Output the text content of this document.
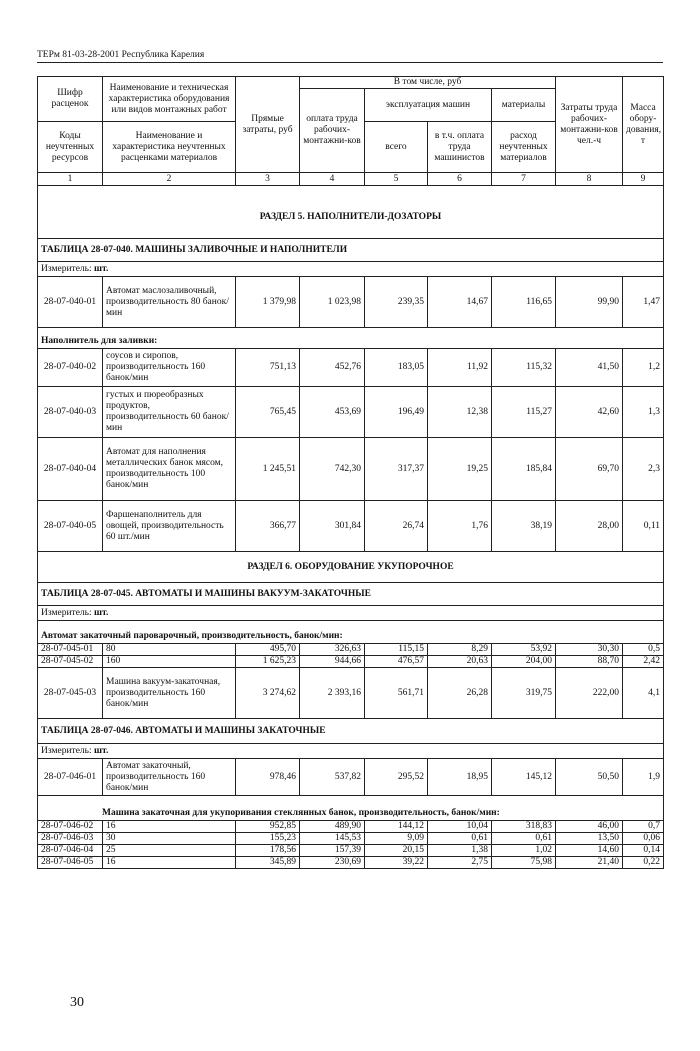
ТЕРм 81-03-28-2001 Республика Карелия
Шифр расценок	Наименование и техническая характеристика оборудования или видов монтажных работ	Прямые затраты, руб	В том числе, руб				Затраты труда рабочих-монтажни-ков чел.-ч	Масса обору-дования, т
			оплата труда рабочих-монтажни-ков	эксплуатация машин		материалы		
Коды неучтенных ресурсов	Наименование и характеристика неучтенных расценками материалов			всего	в т.ч. оплата труда машинистов	расход неучтенных материалов		

1	2	3	4	5	6	7	8	9
РАЗДЕЛ 5. НАПОЛНИТЕЛИ-ДОЗАТОРЫ								
ТАБЛИЦА 28-07-040. МАШИНЫ ЗАЛИВОЧНЫЕ И НАПОЛНИТЕЛИ								
Измеритель: шт.								
28-07-040-01	Автомат маслозаливочный, производительность 80 банок/мин	1 379,98	1 023,98	239,35	14,67	116,65	99,90	1,47
Наполнитель для заливки:								
28-07-040-02	соусов и сиропов, производительность 160 банок/мин	751,13	452,76	183,05	11,92	115,32	41,50	1,2
28-07-040-03	густых и пюреобразных продуктов, производительность 60 банок/мин	765,45	453,69	196,49	12,38	115,27	42,60	1,3
28-07-040-04	Автомат для наполнения металлических банок мясом, производительность 100 банок/мин	1 245,51	742,30	317,37	19,25	185,84	69,70	2,3
28-07-040-05	Фаршенаполнитель для овощей, производительность 60 шт./мин	366,77	301,84	26,74	1,76	38,19	28,00	0,11
РАЗДЕЛ 6. ОБОРУДОВАНИЕ УКУПОРОЧНОЕ								
ТАБЛИЦА 28-07-045. АВТОМАТЫ И МАШИНЫ ВАКУУМ-ЗАКАТОЧНЫЕ								
Измеритель: шт.								
Автомат закаточный пароварочный, производительность, банок/мин:								
28-07-045-01	80	495,70	326,63	115,15	8,29	53,92	30,30	0,5
28-07-045-02	160	1 625,23	944,66	476,57	20,63	204,00	88,70	2,42
28-07-045-03	Машина вакуум-закаточная, производительность 160 банок/мин	3 274,62	2 393,16	561,71	26,28	319,75	222,00	4,1
ТАБЛИЦА 28-07-046. АВТОМАТЫ И МАШИНЫ ЗАКАТОЧНЫЕ								
Измеритель: шт.								
28-07-046-01	Автомат закаточный, производительность 160 банок/мин	978,46	537,82	295,52	18,95	145,12	50,50	1,9
Машина закаточная для укупоривания стеклянных банок, производительность, банок/мин:								
28-07-046-02	16	952,85	489,90	144,12	10,04	318,83	46,00	0,7
28-07-046-03	30	155,23	145,53	9,09	0,61	0,61	13,50	0,06
28-07-046-04	25	178,56	157,39	20,15	1,38	1,02	14,60	0,14
28-07-046-05	16	345,89	230,69	39,22	2,75	75,98	21,40	0,22
30
